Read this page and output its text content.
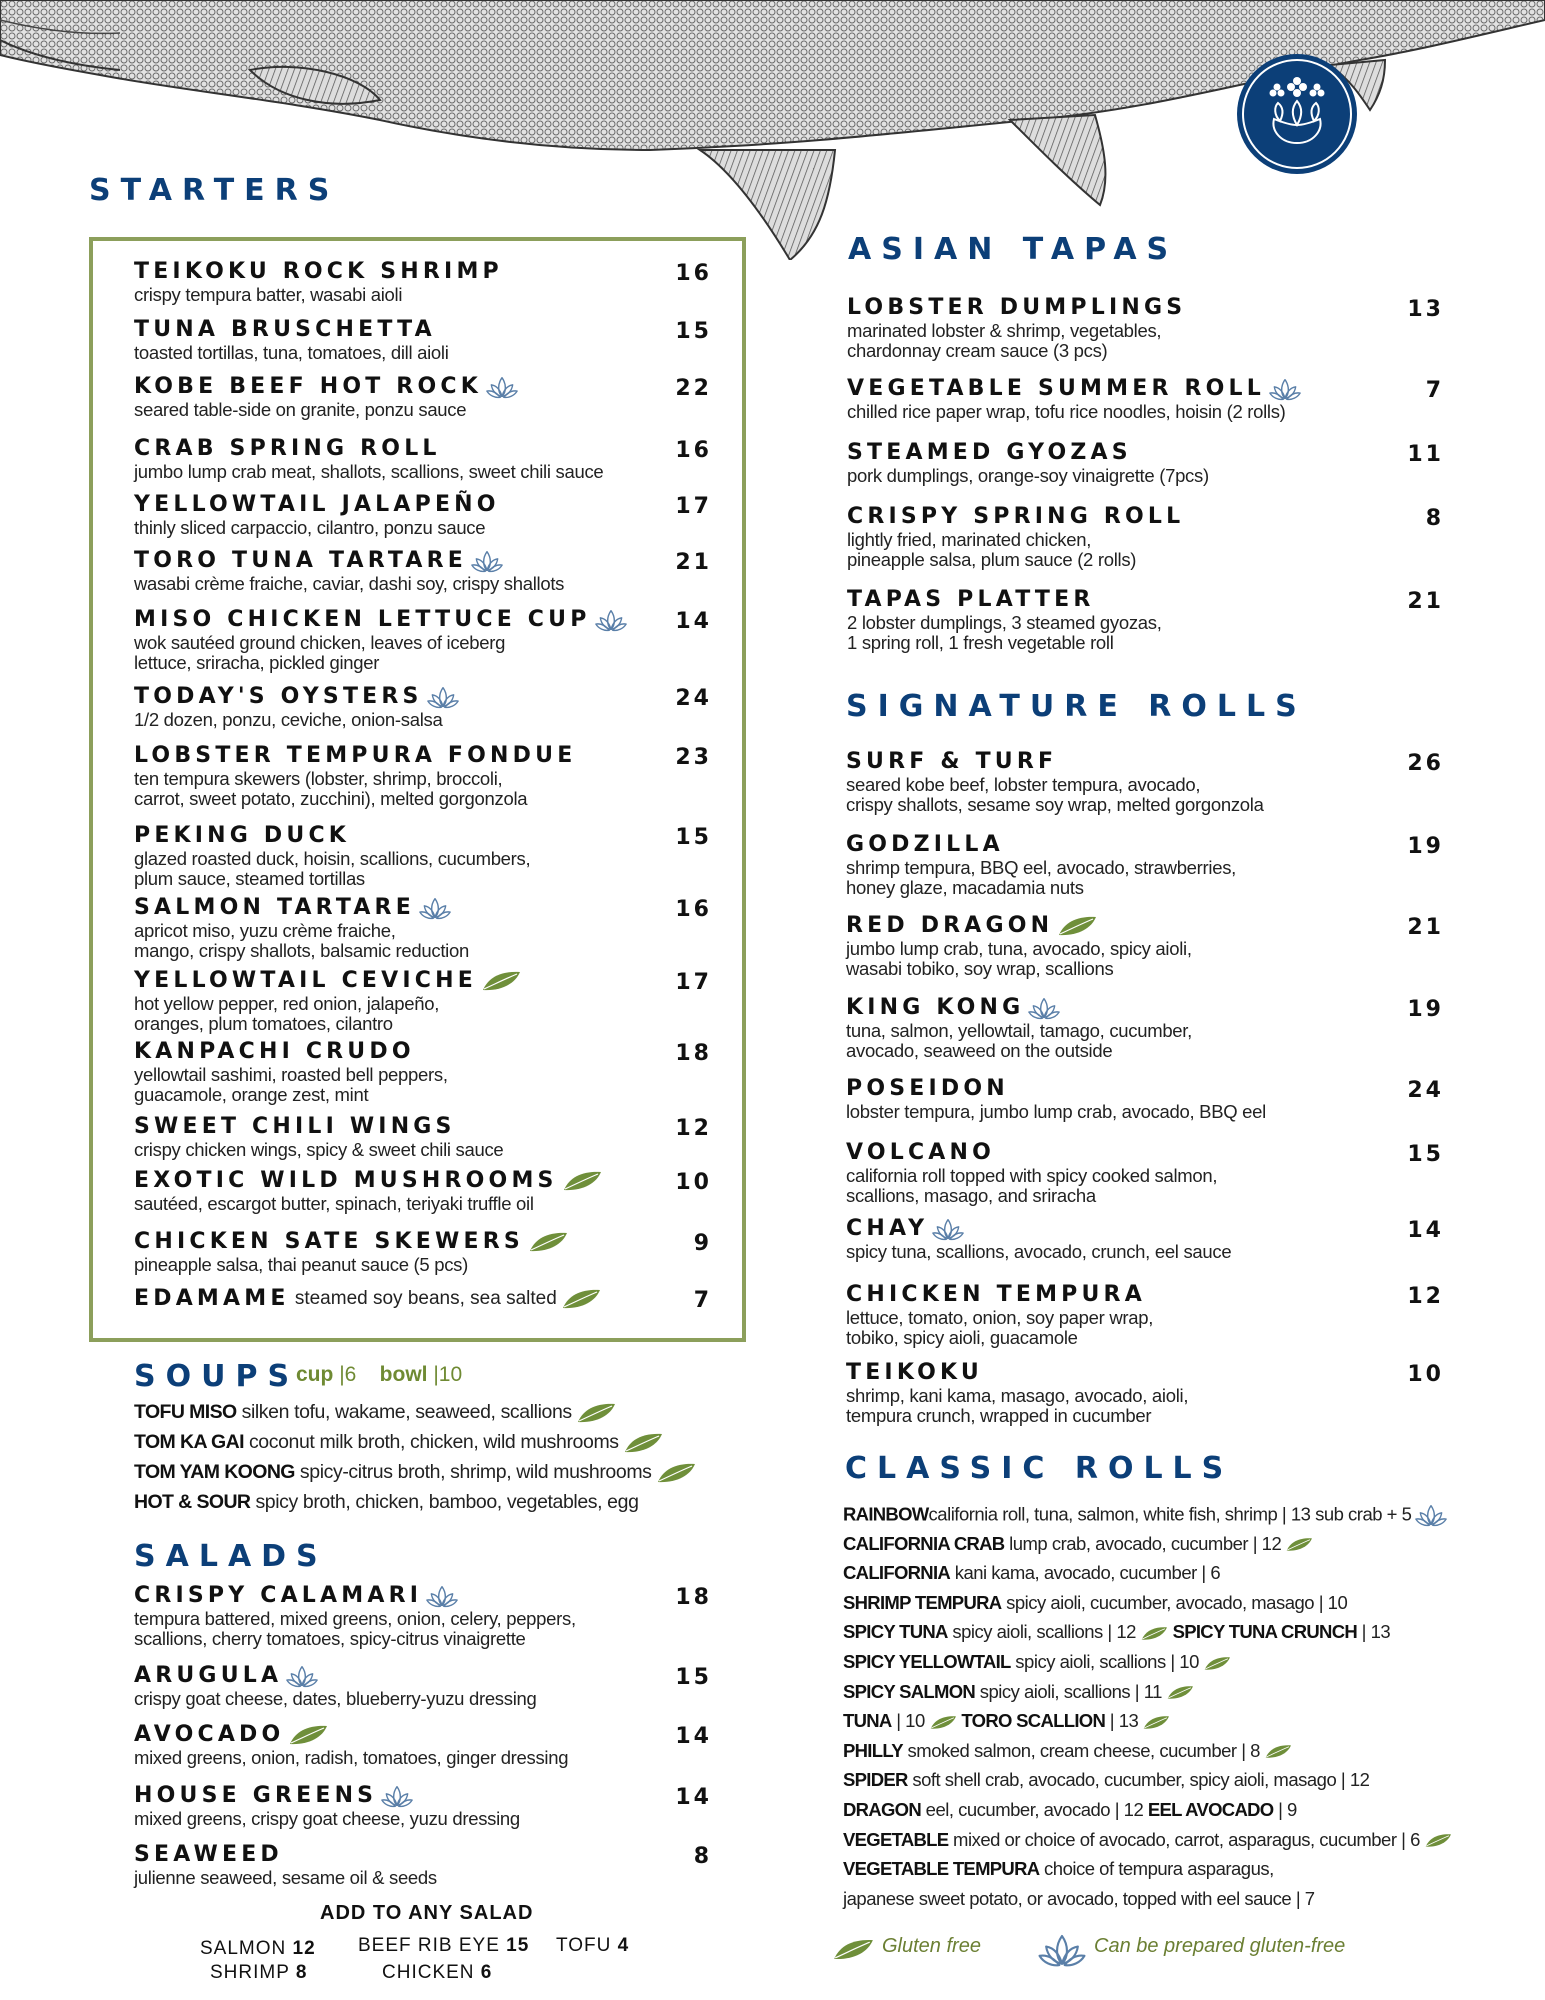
STARTERS
TEIKOKU ROCK SHRIMP
crispy tempura batter, wasabi aioli
16
TUNA BRUSCHETTA
toasted tortillas, tuna, tomatoes, dill aioli
15
KOBE BEEF HOT ROCK
seared table-side on granite, ponzu sauce
22
CRAB SPRING ROLL
jumbo lump crab meat, shallots, scallions, sweet chili sauce
16
YELLOWTAIL JALAPEÑO
thinly sliced carpaccio, cilantro, ponzu sauce
17
TORO TUNA TARTARE
wasabi crème fraiche, caviar, dashi soy, crispy shallots
21
MISO CHICKEN LETTUCE CUP
wok sautéed ground chicken, leaves of iceberg
lettuce, sriracha, pickled ginger
14
TODAY'S OYSTERS
1/2 dozen, ponzu, ceviche, onion-salsa
24
LOBSTER TEMPURA FONDUE
ten tempura skewers (lobster, shrimp, broccoli,
carrot, sweet potato, zucchini), melted gorgonzola
23
PEKING DUCK
glazed roasted duck, hoisin, scallions, cucumbers,
plum sauce, steamed tortillas
15
SALMON TARTARE
apricot miso, yuzu crème fraiche,
mango, crispy shallots, balsamic reduction
16
YELLOWTAIL CEVICHE
hot yellow pepper, red onion, jalapeño,
oranges, plum tomatoes, cilantro
17
KANPACHI CRUDO
yellowtail sashimi, roasted bell peppers,
guacamole, orange zest, mint
18
SWEET CHILI WINGS
crispy chicken wings, spicy & sweet chili sauce
12
EXOTIC WILD MUSHROOMS
sautéed, escargot butter, spinach, teriyaki truffle oil
10
CHICKEN SATE SKEWERS
pineapple salsa, thai peanut sauce (5 pcs)
9
EDAMAME steamed soy beans, sea salted	7
SOUPS
cup |6 bowl |10
TOFU MISO silken tofu, wakame, seaweed, scallions
TOM KA GAI coconut milk broth, chicken, wild mushrooms
TOM YAM KOONG spicy-citrus broth, shrimp, wild mushrooms
HOT & SOUR spicy broth, chicken, bamboo, vegetables, egg
SALADS
CRISPY CALAMARI
tempura battered, mixed greens, onion, celery, peppers,
scallions, cherry tomatoes, spicy-citrus vinaigrette
18
ARUGULA
crispy goat cheese, dates, blueberry-yuzu dressing
15
AVOCADO
mixed greens, onion, radish, tomatoes, ginger dressing
14
HOUSE GREENS
mixed greens, crispy goat cheese, yuzu dressing
14
SEAWEED
julienne seaweed, sesame oil & seeds
8
ADD TO ANY SALAD
SALMON 12 BEEF RIB EYE 15 TOFU 4
SHRIMP 8	CHICKEN 6
ASIAN TAPAS
LOBSTER DUMPLINGS
marinated lobster & shrimp, vegetables,
chardonnay cream sauce (3 pcs)
13
VEGETABLE SUMMER ROLL
chilled rice paper wrap, tofu rice noodles, hoisin (2 rolls)
7
STEAMED GYOZAS
pork dumplings, orange-soy vinaigrette (7pcs)
11
CRISPY SPRING ROLL
lightly fried, marinated chicken,
pineapple salsa, plum sauce (2 rolls)
8
TAPAS PLATTER
2 lobster dumplings, 3 steamed gyozas,
1 spring roll, 1 fresh vegetable roll
21
SIGNATURE ROLLS
SURF & TURF
seared kobe beef, lobster tempura, avocado,
crispy shallots, sesame soy wrap, melted gorgonzola
26
GODZILLA
shrimp tempura, BBQ eel, avocado, strawberries,
honey glaze, macadamia nuts
19
RED DRAGON
jumbo lump crab, tuna, avocado, spicy aioli,
wasabi tobiko, soy wrap, scallions
21
KING KONG
tuna, salmon, yellowtail, tamago, cucumber,
avocado, seaweed on the outside
19
POSEIDON
lobster tempura, jumbo lump crab, avocado, BBQ eel
24
VOLCANO
california roll topped with spicy cooked salmon,
scallions, masago, and sriracha
15
CHAY
spicy tuna, scallions, avocado, crunch, eel sauce
14
CHICKEN TEMPURA
lettuce, tomato, onion, soy paper wrap,
tobiko, spicy aioli, guacamole
12
TEIKOKU
shrimp, kani kama, masago, avocado, aioli,
tempura crunch, wrapped in cucumber
10
CLASSIC ROLLS
RAINBOWcalifornia roll, tuna, salmon, white fish, shrimp | 13 sub crab + 5
CALIFORNIA CRAB lump crab, avocado, cucumber | 12
CALIFORNIA kani kama, avocado, cucumber | 6
SHRIMP TEMPURA spicy aioli, cucumber, avocado, masago | 10
SPICY TUNA spicy aioli, scallions | 12 SPICY TUNA CRUNCH | 13
SPICY YELLOWTAIL spicy aioli, scallions | 10
SPICY SALMON spicy aioli, scallions | 11
TUNA | 10 TORO SCALLION | 13
PHILLY smoked salmon, cream cheese, cucumber | 8
SPIDER soft shell crab, avocado, cucumber, spicy aioli, masago | 12
DRAGON eel, cucumber, avocado | 12 EEL AVOCADO | 9
VEGETABLE mixed or choice of avocado, carrot, asparagus, cucumber | 6
VEGETABLE TEMPURA choice of tempura asparagus,
japanese sweet potato, or avocado, topped with eel sauce | 7
Gluten free	Can be prepared gluten-free
